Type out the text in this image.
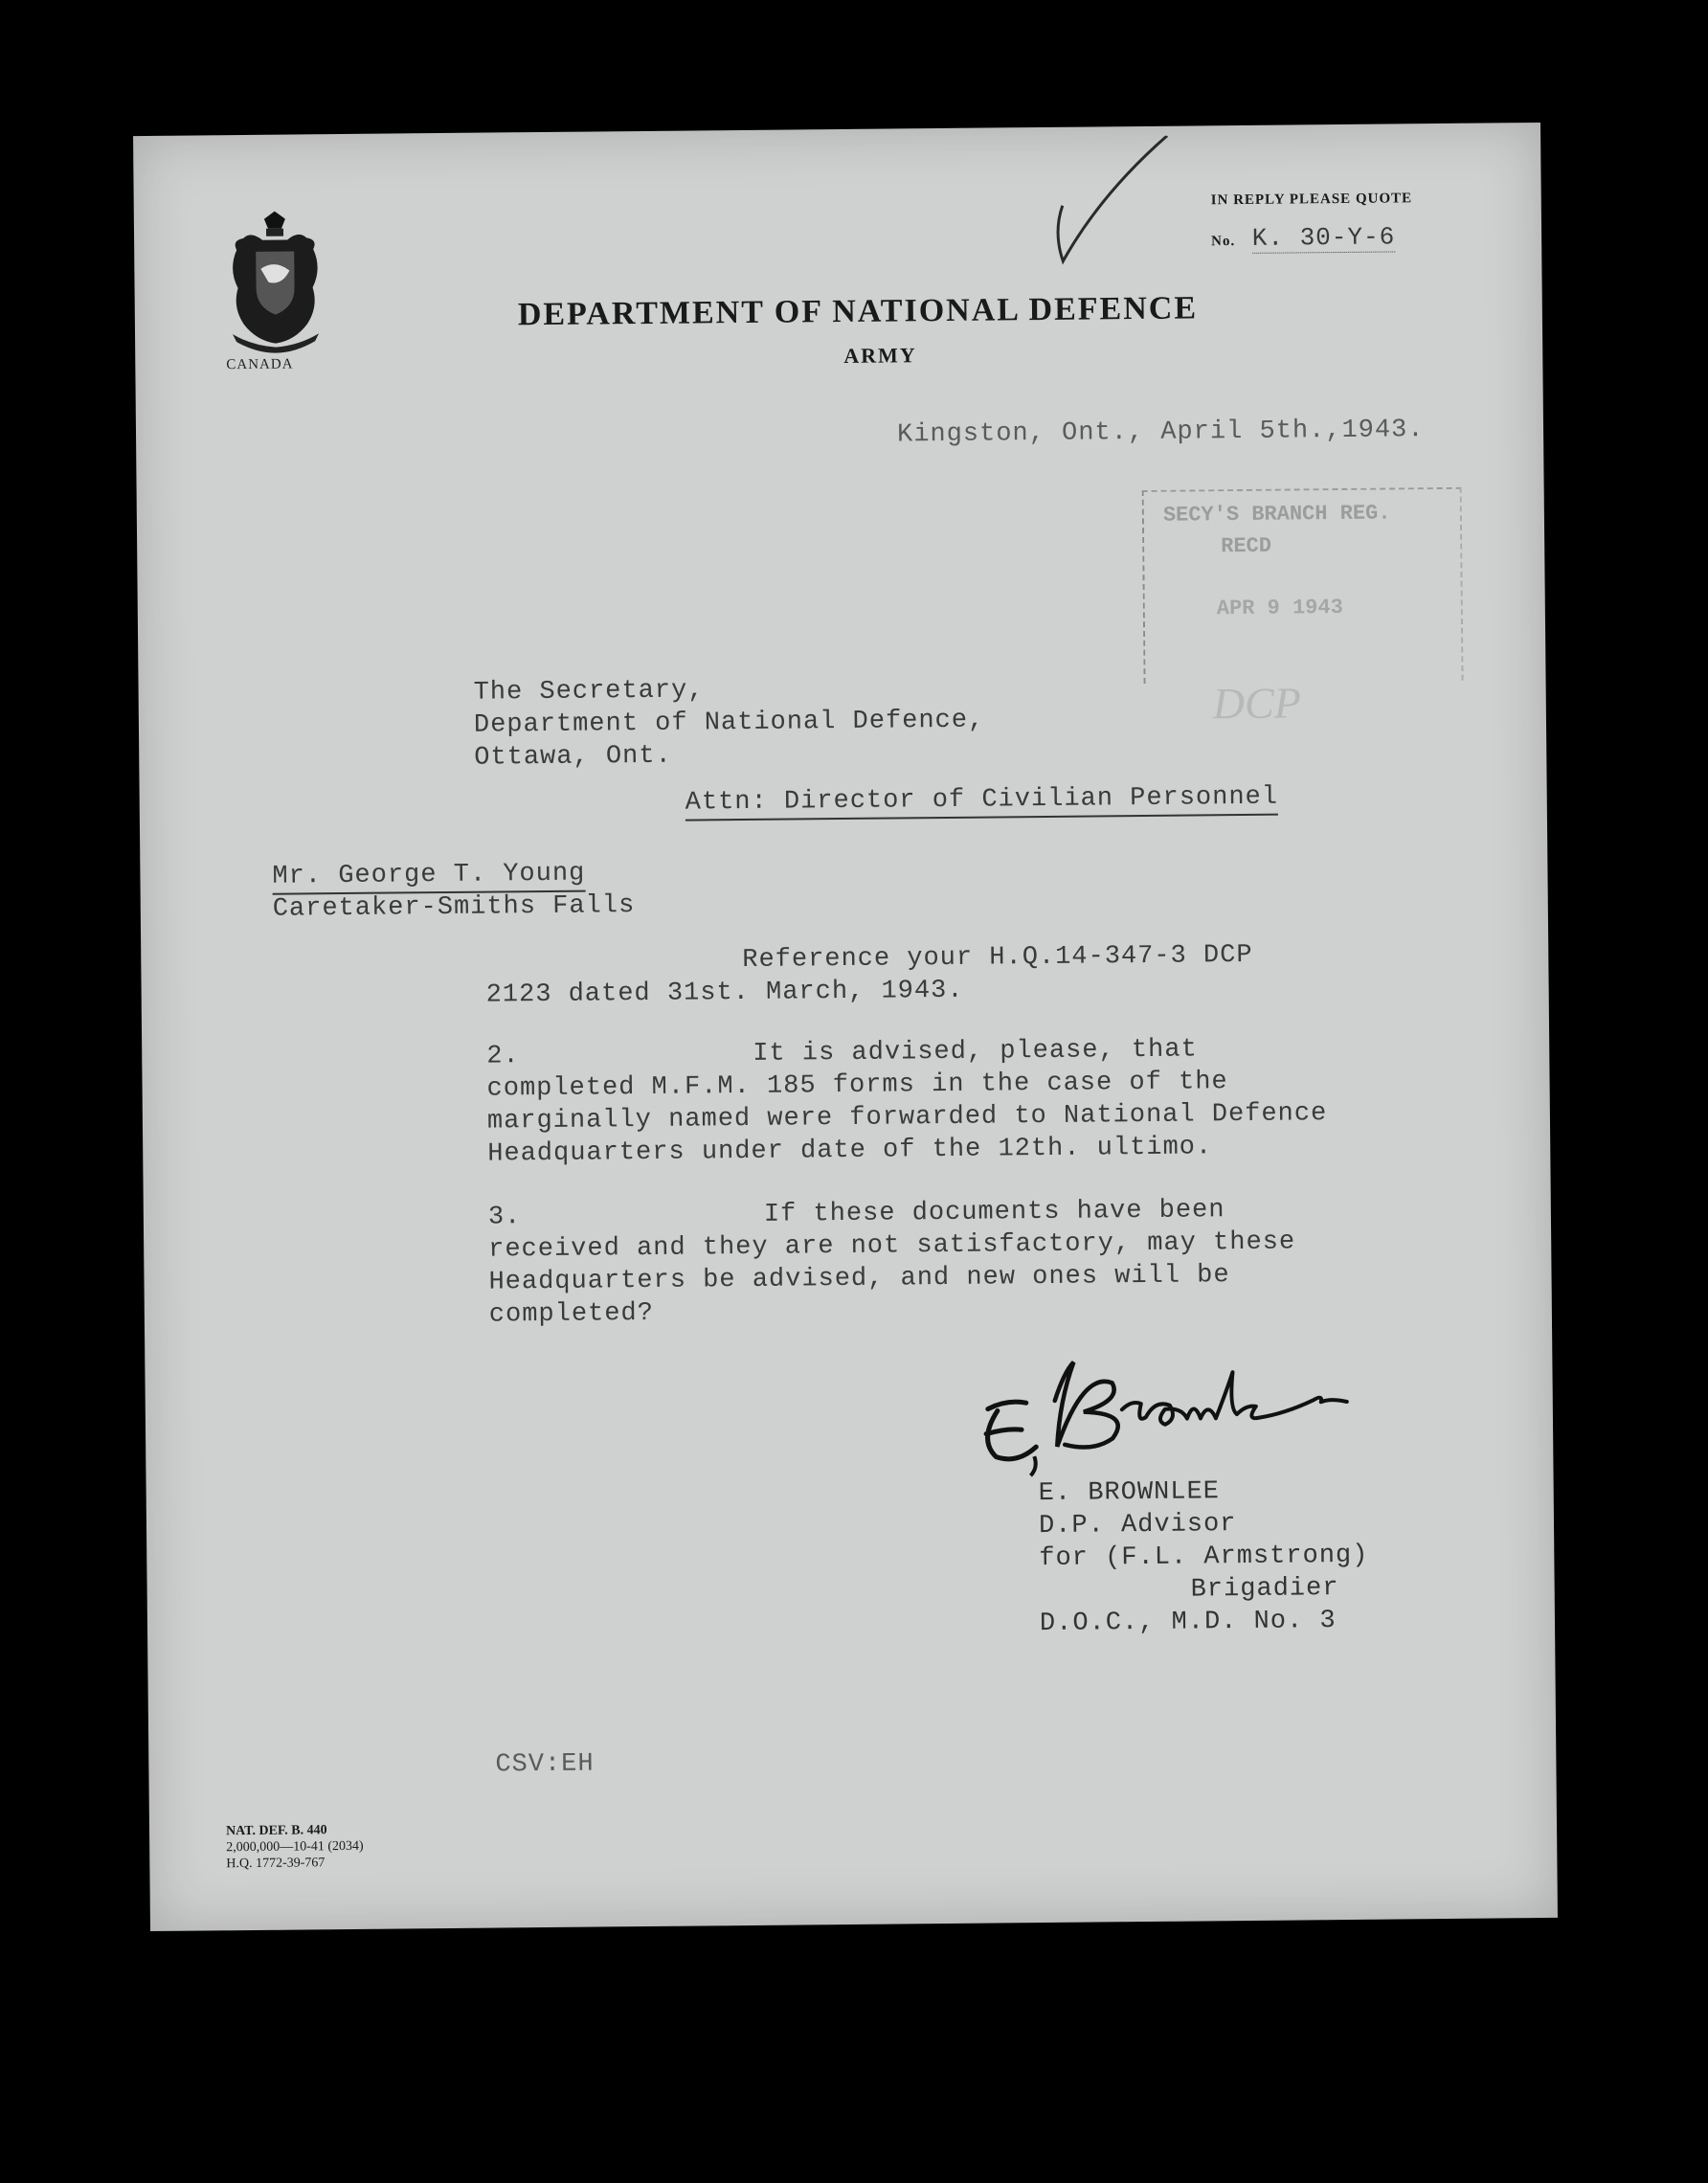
CANADA
DEPARTMENT OF NATIONAL DEFENCE
ARMY
IN REPLY PLEASE QUOTE
No. K. 30-Y-6
Kingston, Ont., April 5th.,1943.
SECY'S BRANCH REG.
RECD
APR 9 1943
DCP
The Secretary,
Department of National Defence,
Ottawa, Ont.
Attn: Director of Civilian Personnel
Mr. George T. Young
Caretaker-Smiths Falls
Reference your H.Q.14-347-3 DCP
2123 dated 31st. March, 1943.
2.	It is advised, please, that
completed M.F.M. 185 forms in the case of the
marginally named were forwarded to National Defence
Headquarters under date of the 12th. ultimo.
3.	If these documents have been
received and they are not satisfactory, may these
Headquarters be advised, and new ones will be
completed?
E. BROWNLEE
D.P. Advisor
for (F.L. Armstrong)
Brigadier
D.O.C., M.D. No. 3
CSV:EH
NAT. DEF. B. 440
2,000,000—10-41 (2034)
H.Q. 1772-39-767
